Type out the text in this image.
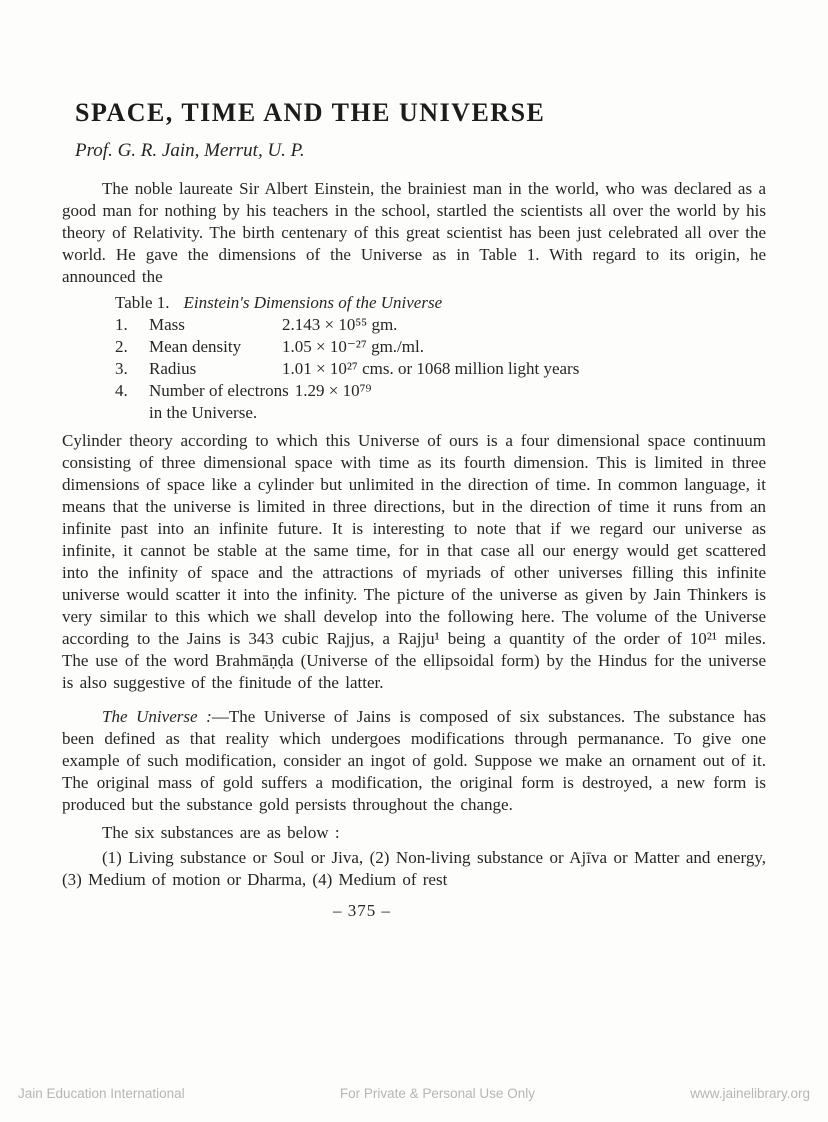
SPACE, TIME AND THE UNIVERSE
Prof. G. R. Jain, Merrut, U. P.

The noble laureate Sir Albert Einstein, the brainiest man in the world, who was declared as a good man for nothing by his teachers in the school, startled the scientists all over the world by his theory of Relativity. The birth centenary of this great scientist has been just celebrated all over the world. He gave the dimensions of the Universe as in Table 1. With regard to its origin, he announced the

Table 1. Einstein's Dimensions of the Universe
1.	Mass	2.143 × 10⁵⁵ gm.
2.	Mean density	1.05 × 10⁻²⁷ gm./ml.
3.	Radius	1.01 × 10²⁷ cms. or 1068 million light years
4.	Number of electrons 1.29 × 10⁷⁹
in the Universe.

Cylinder theory according to which this Universe of ours is a four dimensional space continuum consisting of three dimensional space with time as its fourth dimension. This is limited in three dimensions of space like a cylinder but unlimited in the direction of time. In common language, it means that the universe is limited in three directions, but in the direction of time it runs from an infinite past into an infinite future. It is interesting to note that if we regard our universe as infinite, it cannot be stable at the same time, for in that case all our energy would get scattered into the infinity of space and the attractions of myriads of other universes filling this infinite universe would scatter it into the infinity. The picture of the universe as given by Jain Thinkers is very similar to this which we shall develop into the following here. The volume of the Universe according to the Jains is 343 cubic Rajjus, a Rajju¹ being a quantity of the order of 10²¹ miles. The use of the word Brahmāṇḍa (Universe of the ellipsoidal form) by the Hindus for the universe is also suggestive of the finitude of the latter.

The Universe :—The Universe of Jains is composed of six substances. The substance has been defined as that reality which undergoes modifications through permanance. To give one example of such modification, consider an ingot of gold. Suppose we make an ornament out of it. The original mass of gold suffers a modification, the original form is destroyed, a new form is produced but the substance gold persists throughout the change.

The six substances are as below :

(1) Living substance or Soul or Jiva, (2) Non-living substance or Ajīva or Matter and energy, (3) Medium of motion or Dharma, (4) Medium of rest

– 375 –
Jain Education International	For Private & Personal Use Only	www.jainelibrary.org
